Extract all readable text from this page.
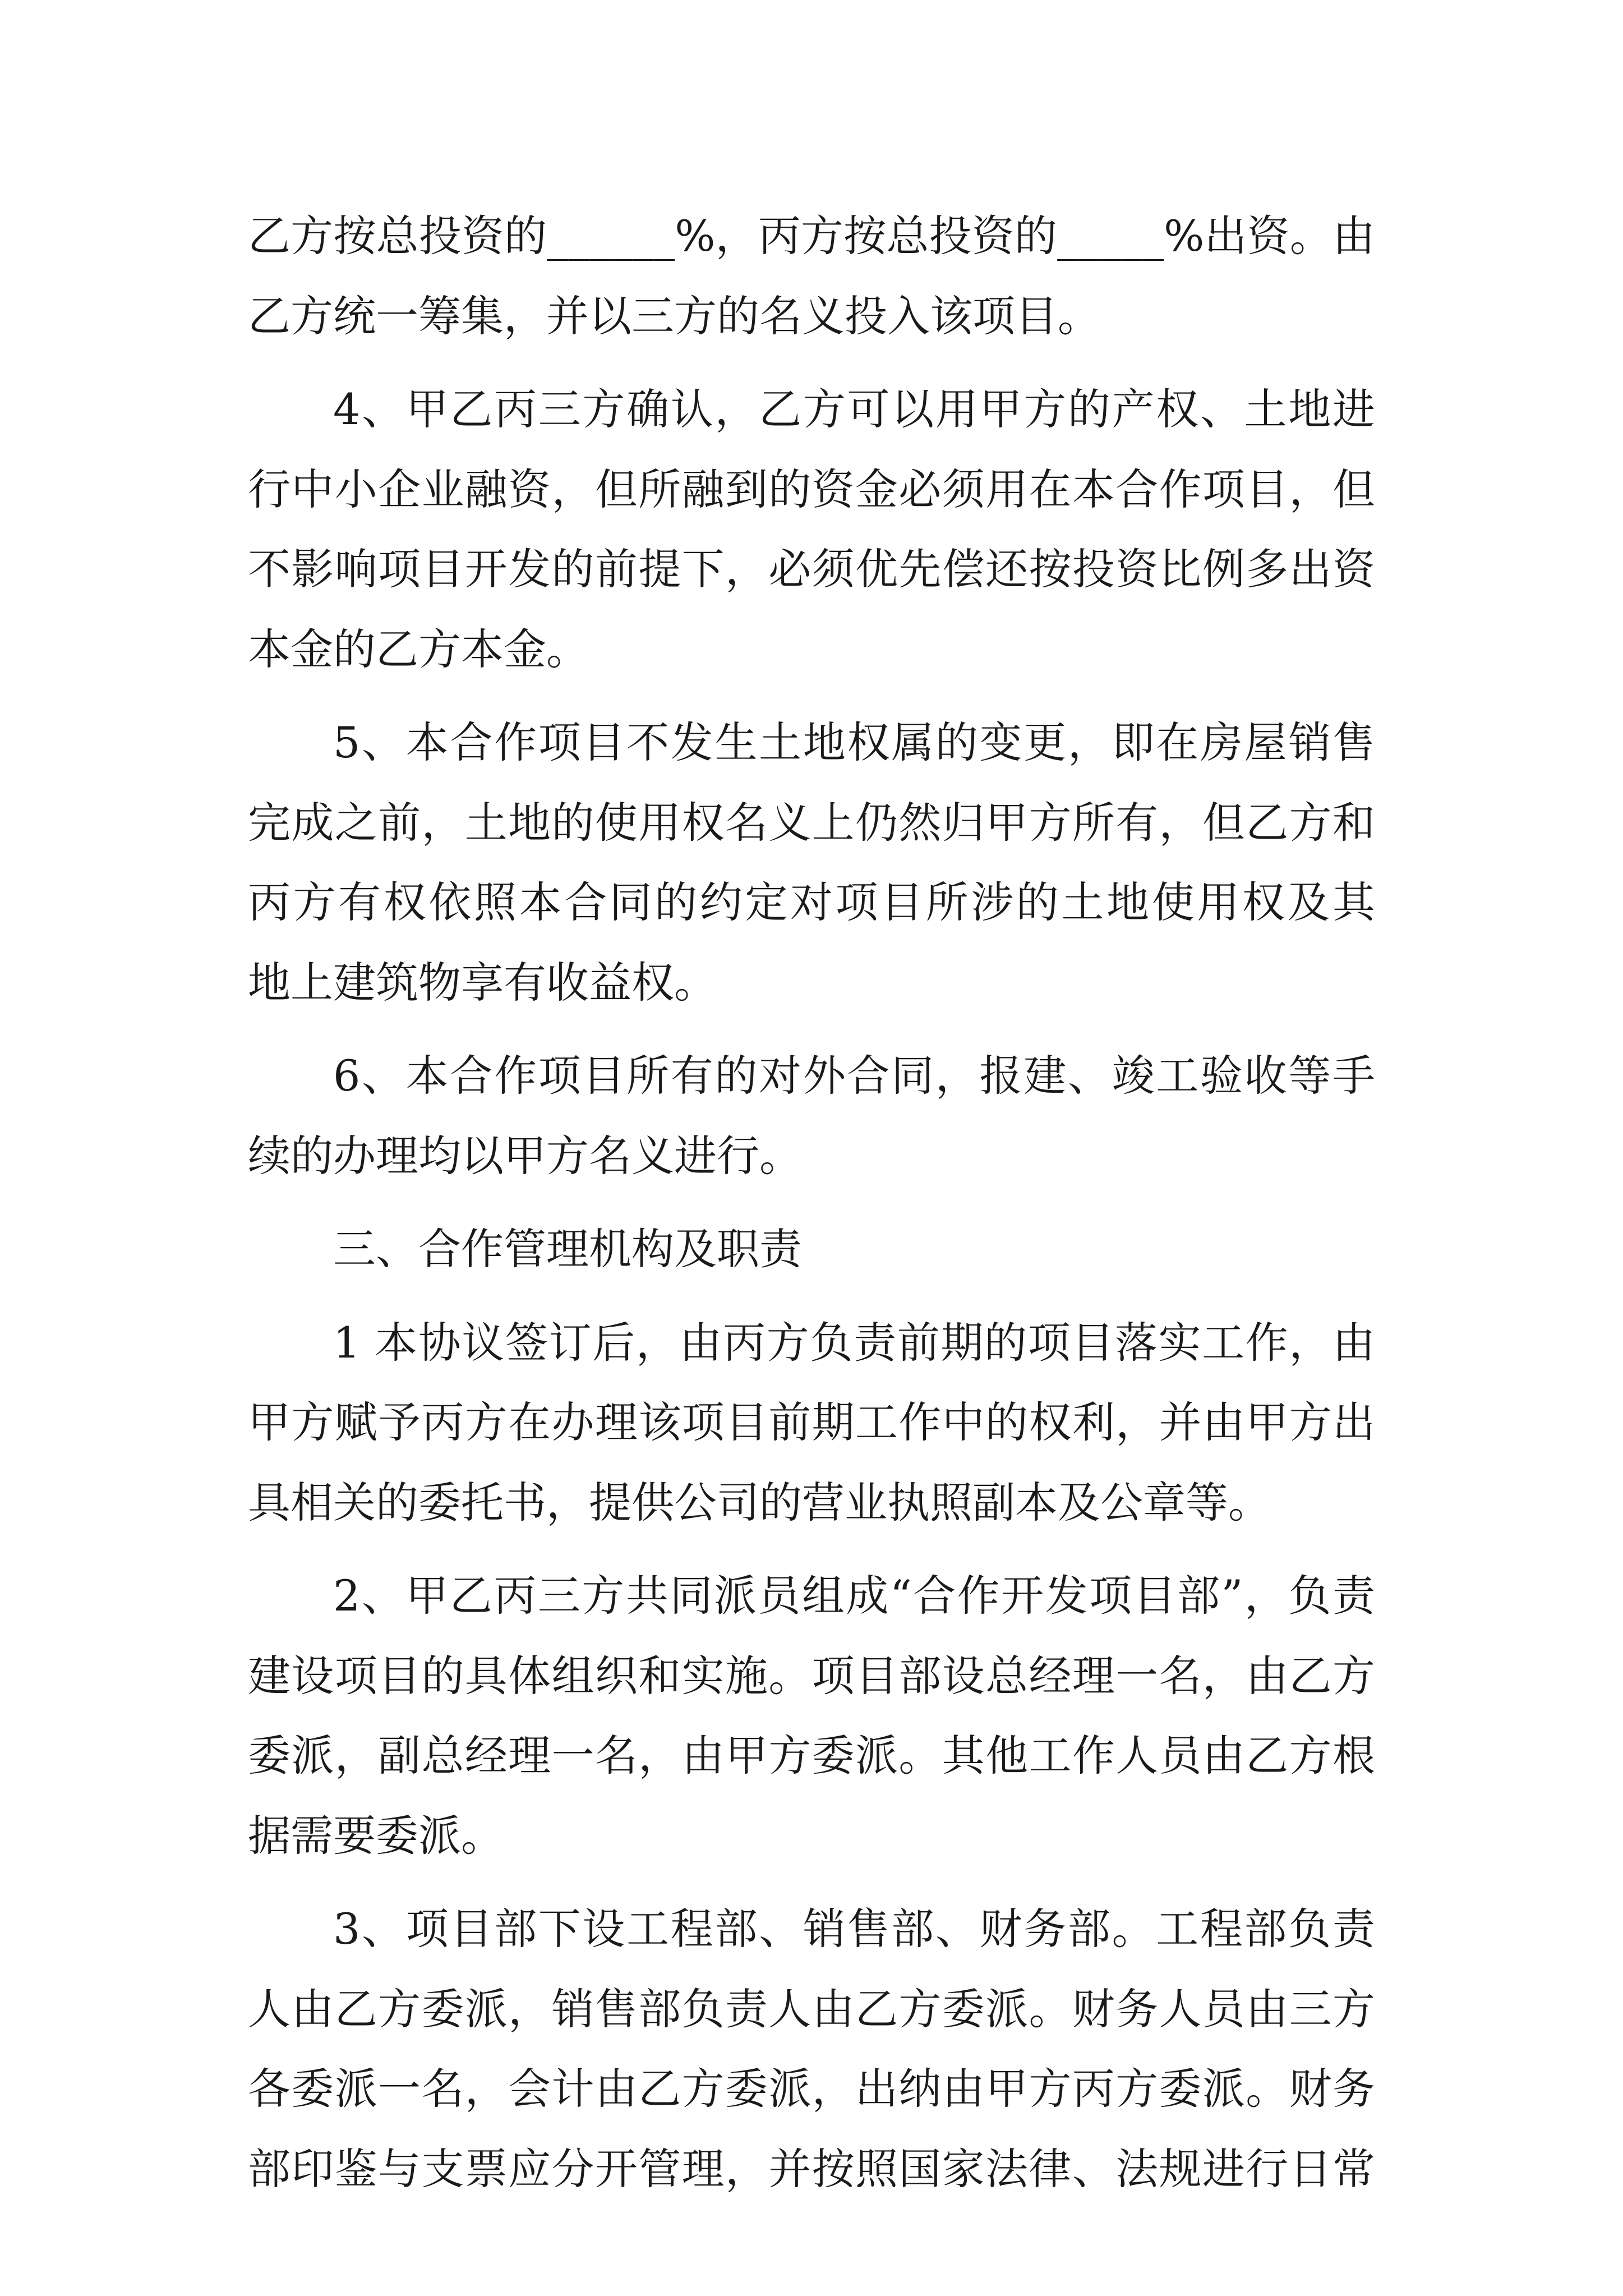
乙方按总投资的______%，丙方按总投资的_____%出资。由
乙方统一筹集，并以三方的名义投入该项目。
4、甲乙丙三方确认，乙方可以用甲方的产权、土地进
行中小企业融资，但所融到的资金必须用在本合作项目，但
不影响项目开发的前提下，必须优先偿还按投资比例多出资
本金的乙方本金。
5、本合作项目不发生土地权属的变更，即在房屋销售
完成之前，土地的使用权名义上仍然归甲方所有，但乙方和
丙方有权依照本合同的约定对项目所涉的土地使用权及其
地上建筑物享有收益权。
6、本合作项目所有的对外合同，报建、竣工验收等手
续的办理均以甲方名义进行。
三、合作管理机构及职责
1 本协议签订后，由丙方负责前期的项目落实工作，由
甲方赋予丙方在办理该项目前期工作中的权利，并由甲方出
具相关的委托书，提供公司的营业执照副本及公章等。
2、甲乙丙三方共同派员组成“合作开发项目部”，负责
建设项目的具体组织和实施。项目部设总经理一名，由乙方
委派，副总经理一名，由甲方委派。其他工作人员由乙方根
据需要委派。
3、项目部下设工程部、销售部、财务部。工程部负责
人由乙方委派，销售部负责人由乙方委派。财务人员由三方
各委派一名，会计由乙方委派，出纳由甲方丙方委派。财务
部印鉴与支票应分开管理，并按照国家法律、法规进行日常
